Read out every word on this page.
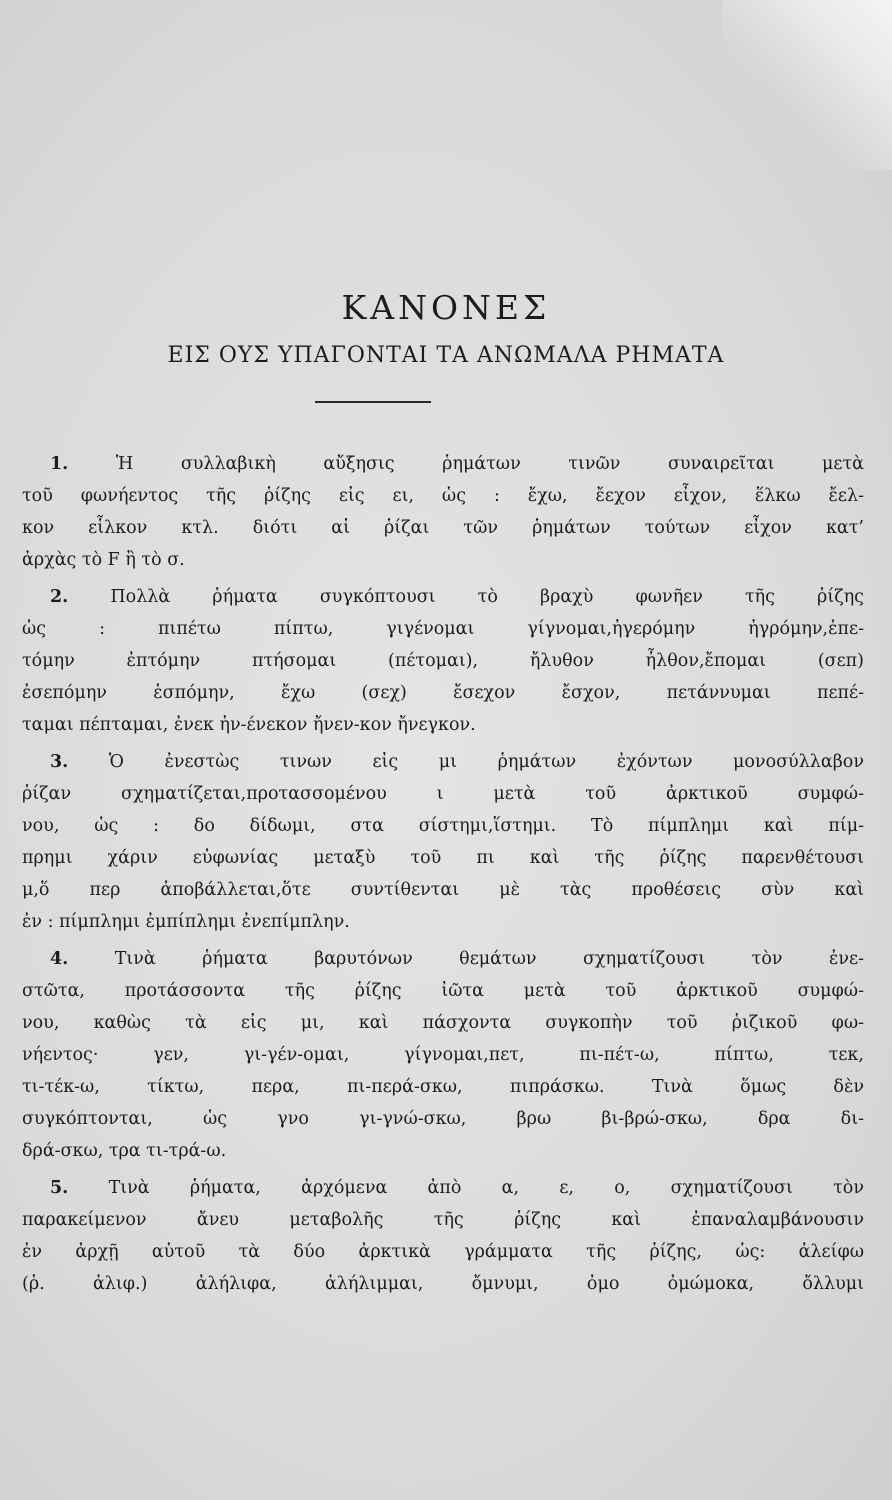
ΚΑΝΟΝΕΣ
ΕΙΣ ΟΥΣ ΥΠΑΓΟΝΤΑΙ ΤΑ ΑΝΩΜΑΛΑ ΡΗΜΑΤΑ
1.	Ἡ συλλαβικὴ αὔξησις ῥημάτων τινῶν συναιρεῖται μετὰ
τοῦ φωνήεντος τῆς ῥίζης εἰς ει, ὡς : ἔχω, ἔεχον εἶχον, ἕλκω ἔελ-
κον εἷλκον κτλ. διότι αἱ ῥίζαι τῶν ῥημάτων τούτων εἶχον κατ’
ἀρχὰς τὸ F ἢ τὸ σ.
2. Πολλὰ ῥήματα συγκόπτουσι τὸ βραχὺ φωνῆεν τῆς ῥίζης
ὡς : πιπέτω πίπτω, γιγένομαι γίγνομαι,ἠγερόμην ἠγρόμην,ἐπε-
τόμην ἐπτόμην πτήσομαι (πέτομαι), ἤλυθον ἦλθον,ἔπομαι (σεπ)
ἐσεπόμην ἑσπόμην, ἔχω (σεχ) ἔσεχον ἔσχον, πετάννυμαι πεπέ-
ταμαι πέπταμαι, ἐνεκ ἠν-ένεκον ἤνεν-κον ἤνεγκον.
3. Ὁ ἐνεστὼς τινων εἰς μι ῥημάτων ἐχόντων μονοσύλλαβον
ῥίζαν σχηματίζεται,προτασσομένου ι μετὰ τοῦ ἀρκτικοῦ συμφώ-
νου, ὡς : δο δίδωμι, στα σίστημι,ἵστημι. Τὸ πίμπλημι καὶ πίμ-
πρημι χάριν εὐφωνίας μεταξὺ τοῦ πι καὶ τῆς ῥίζης παρενθέτουσι
μ,ὅ περ ἀποβάλλεται,ὅτε συντίθενται μὲ τὰς προθέσεις σὺν καὶ
ἐν : πίμπλημι ἐμπίπλημι ἐνεπίμπλην.
4.	Τινὰ ῥήματα βαρυτόνων θεμάτων σχηματίζουσι τὸν ἐνε-
στῶτα, προτάσσοντα τῆς ῥίζης ἰῶτα μετὰ τοῦ ἀρκτικοῦ συμφώ-
νου, καθὼς τὰ εἰς μι, καὶ πάσχοντα συγκοπὴν τοῦ ῥιζικοῦ φω-
νήεντος· γεν, γι-γέν-ομαι, γίγνομαι,πετ, πι-πέτ-ω, πίπτω, τεκ,
τι-τέκ-ω, τίκτω, περα, πι-περά-σκω, πιπράσκω. Τινὰ ὅμως δὲν
συγκόπτονται, ὡς γνο γι-γνώ-σκω, βρω βι-βρώ-σκω, δρα δι-
δρά-σκω, τρα τι-τρά-ω.
5. Τινὰ ῥήματα, ἀρχόμενα ἀπὸ α, ε, ο, σχηματίζουσι τὸν
παρακείμενον ἄνευ μεταβολῆς τῆς ῥίζης καὶ ἐπαναλαμβάνουσιν
ἐν ἀρχῇ αὐτοῦ τὰ δύο ἀρκτικὰ γράμματα τῆς ῥίζης, ὡς: ἀλείφω
(ῥ. ἀλιφ.) ἀλήλιφα, ἀλήλιμμαι, ὄμνυμι, ὀμο ὀμώμοκα, ὄλλυμι
